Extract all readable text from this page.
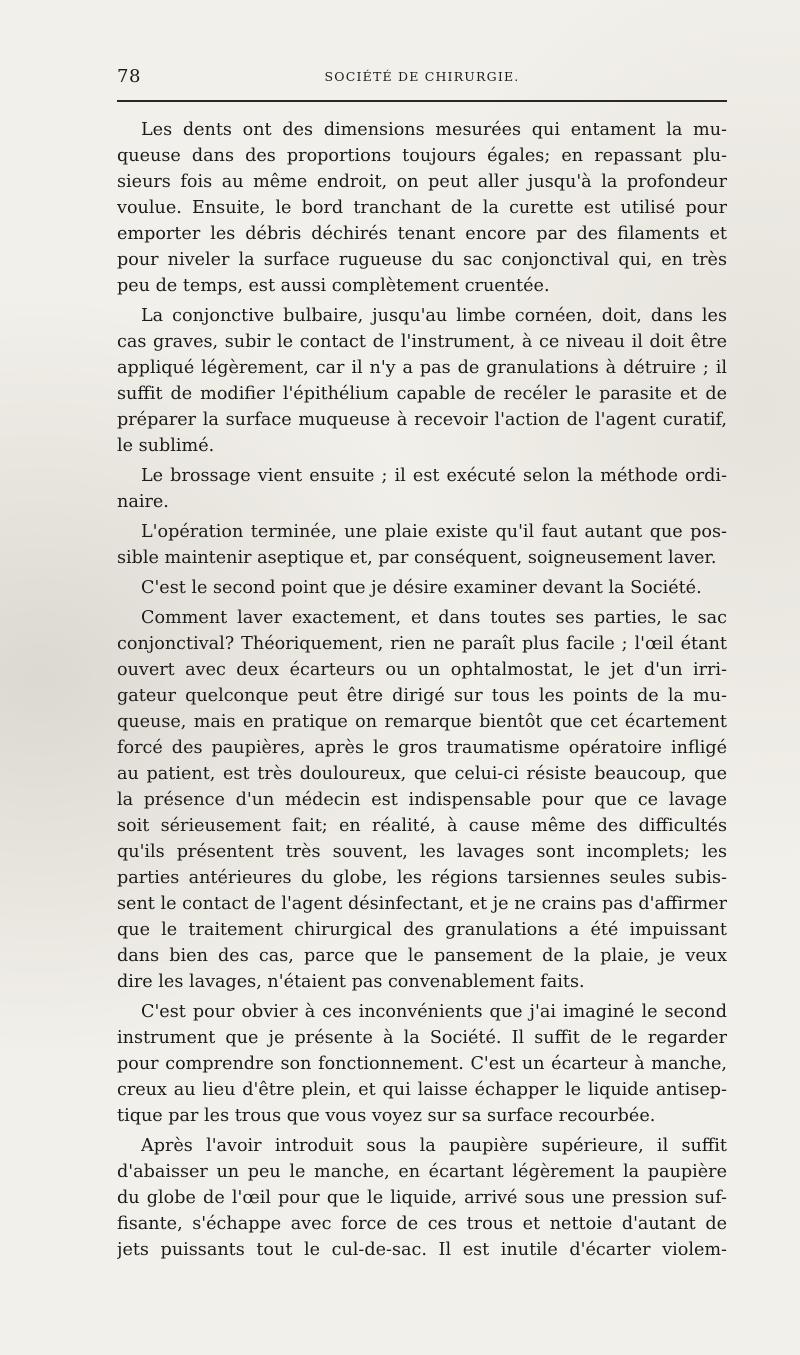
78	SOCIÉTÉ DE CHIRURGIE.
Les dents ont des dimensions mesurées qui entament la mu-
queuse dans des proportions toujours égales; en repassant plu-
sieurs fois au même endroit, on peut aller jusqu'à la profondeur
voulue. Ensuite, le bord tranchant de la curette est utilisé pour
emporter les débris déchirés tenant encore par des filaments et
pour niveler la surface rugueuse du sac conjonctival qui, en très
peu de temps, est aussi complètement cruentée.
La conjonctive bulbaire, jusqu'au limbe cornéen, doit, dans les
cas graves, subir le contact de l'instrument, à ce niveau il doit être
appliqué légèrement, car il n'y a pas de granulations à détruire ; il
suffit de modifier l'épithélium capable de recéler le parasite et de
préparer la surface muqueuse à recevoir l'action de l'agent curatif,
le sublimé.
Le brossage vient ensuite ; il est exécuté selon la méthode ordi-
naire.
L'opération terminée, une plaie existe qu'il faut autant que pos-
sible maintenir aseptique et, par conséquent, soigneusement laver.
C'est le second point que je désire examiner devant la Société.
Comment laver exactement, et dans toutes ses parties, le sac
conjonctival? Théoriquement, rien ne paraît plus facile ; l'œil étant
ouvert avec deux écarteurs ou un ophtalmostat, le jet d'un irri-
gateur quelconque peut être dirigé sur tous les points de la mu-
queuse, mais en pratique on remarque bientôt que cet écartement
forcé des paupières, après le gros traumatisme opératoire infligé
au patient, est très douloureux, que celui-ci résiste beaucoup, que
la présence d'un médecin est indispensable pour que ce lavage
soit sérieusement fait; en réalité, à cause même des difficultés
qu'ils présentent très souvent, les lavages sont incomplets; les
parties antérieures du globe, les régions tarsiennes seules subis-
sent le contact de l'agent désinfectant, et je ne crains pas d'affirmer
que le traitement chirurgical des granulations a été impuissant
dans bien des cas, parce que le pansement de la plaie, je veux
dire les lavages, n'étaient pas convenablement faits.
C'est pour obvier à ces inconvénients que j'ai imaginé le second
instrument que je présente à la Société. Il suffit de le regarder
pour comprendre son fonctionnement. C'est un écarteur à manche,
creux au lieu d'être plein, et qui laisse échapper le liquide antisep-
tique par les trous que vous voyez sur sa surface recourbée.
Après l'avoir introduit sous la paupière supérieure, il suffit
d'abaisser un peu le manche, en écartant légèrement la paupière
du globe de l'œil pour que le liquide, arrivé sous une pression suf-
fisante, s'échappe avec force de ces trous et nettoie d'autant de
jets puissants tout le cul-de-sac. Il est inutile d'écarter violem-
